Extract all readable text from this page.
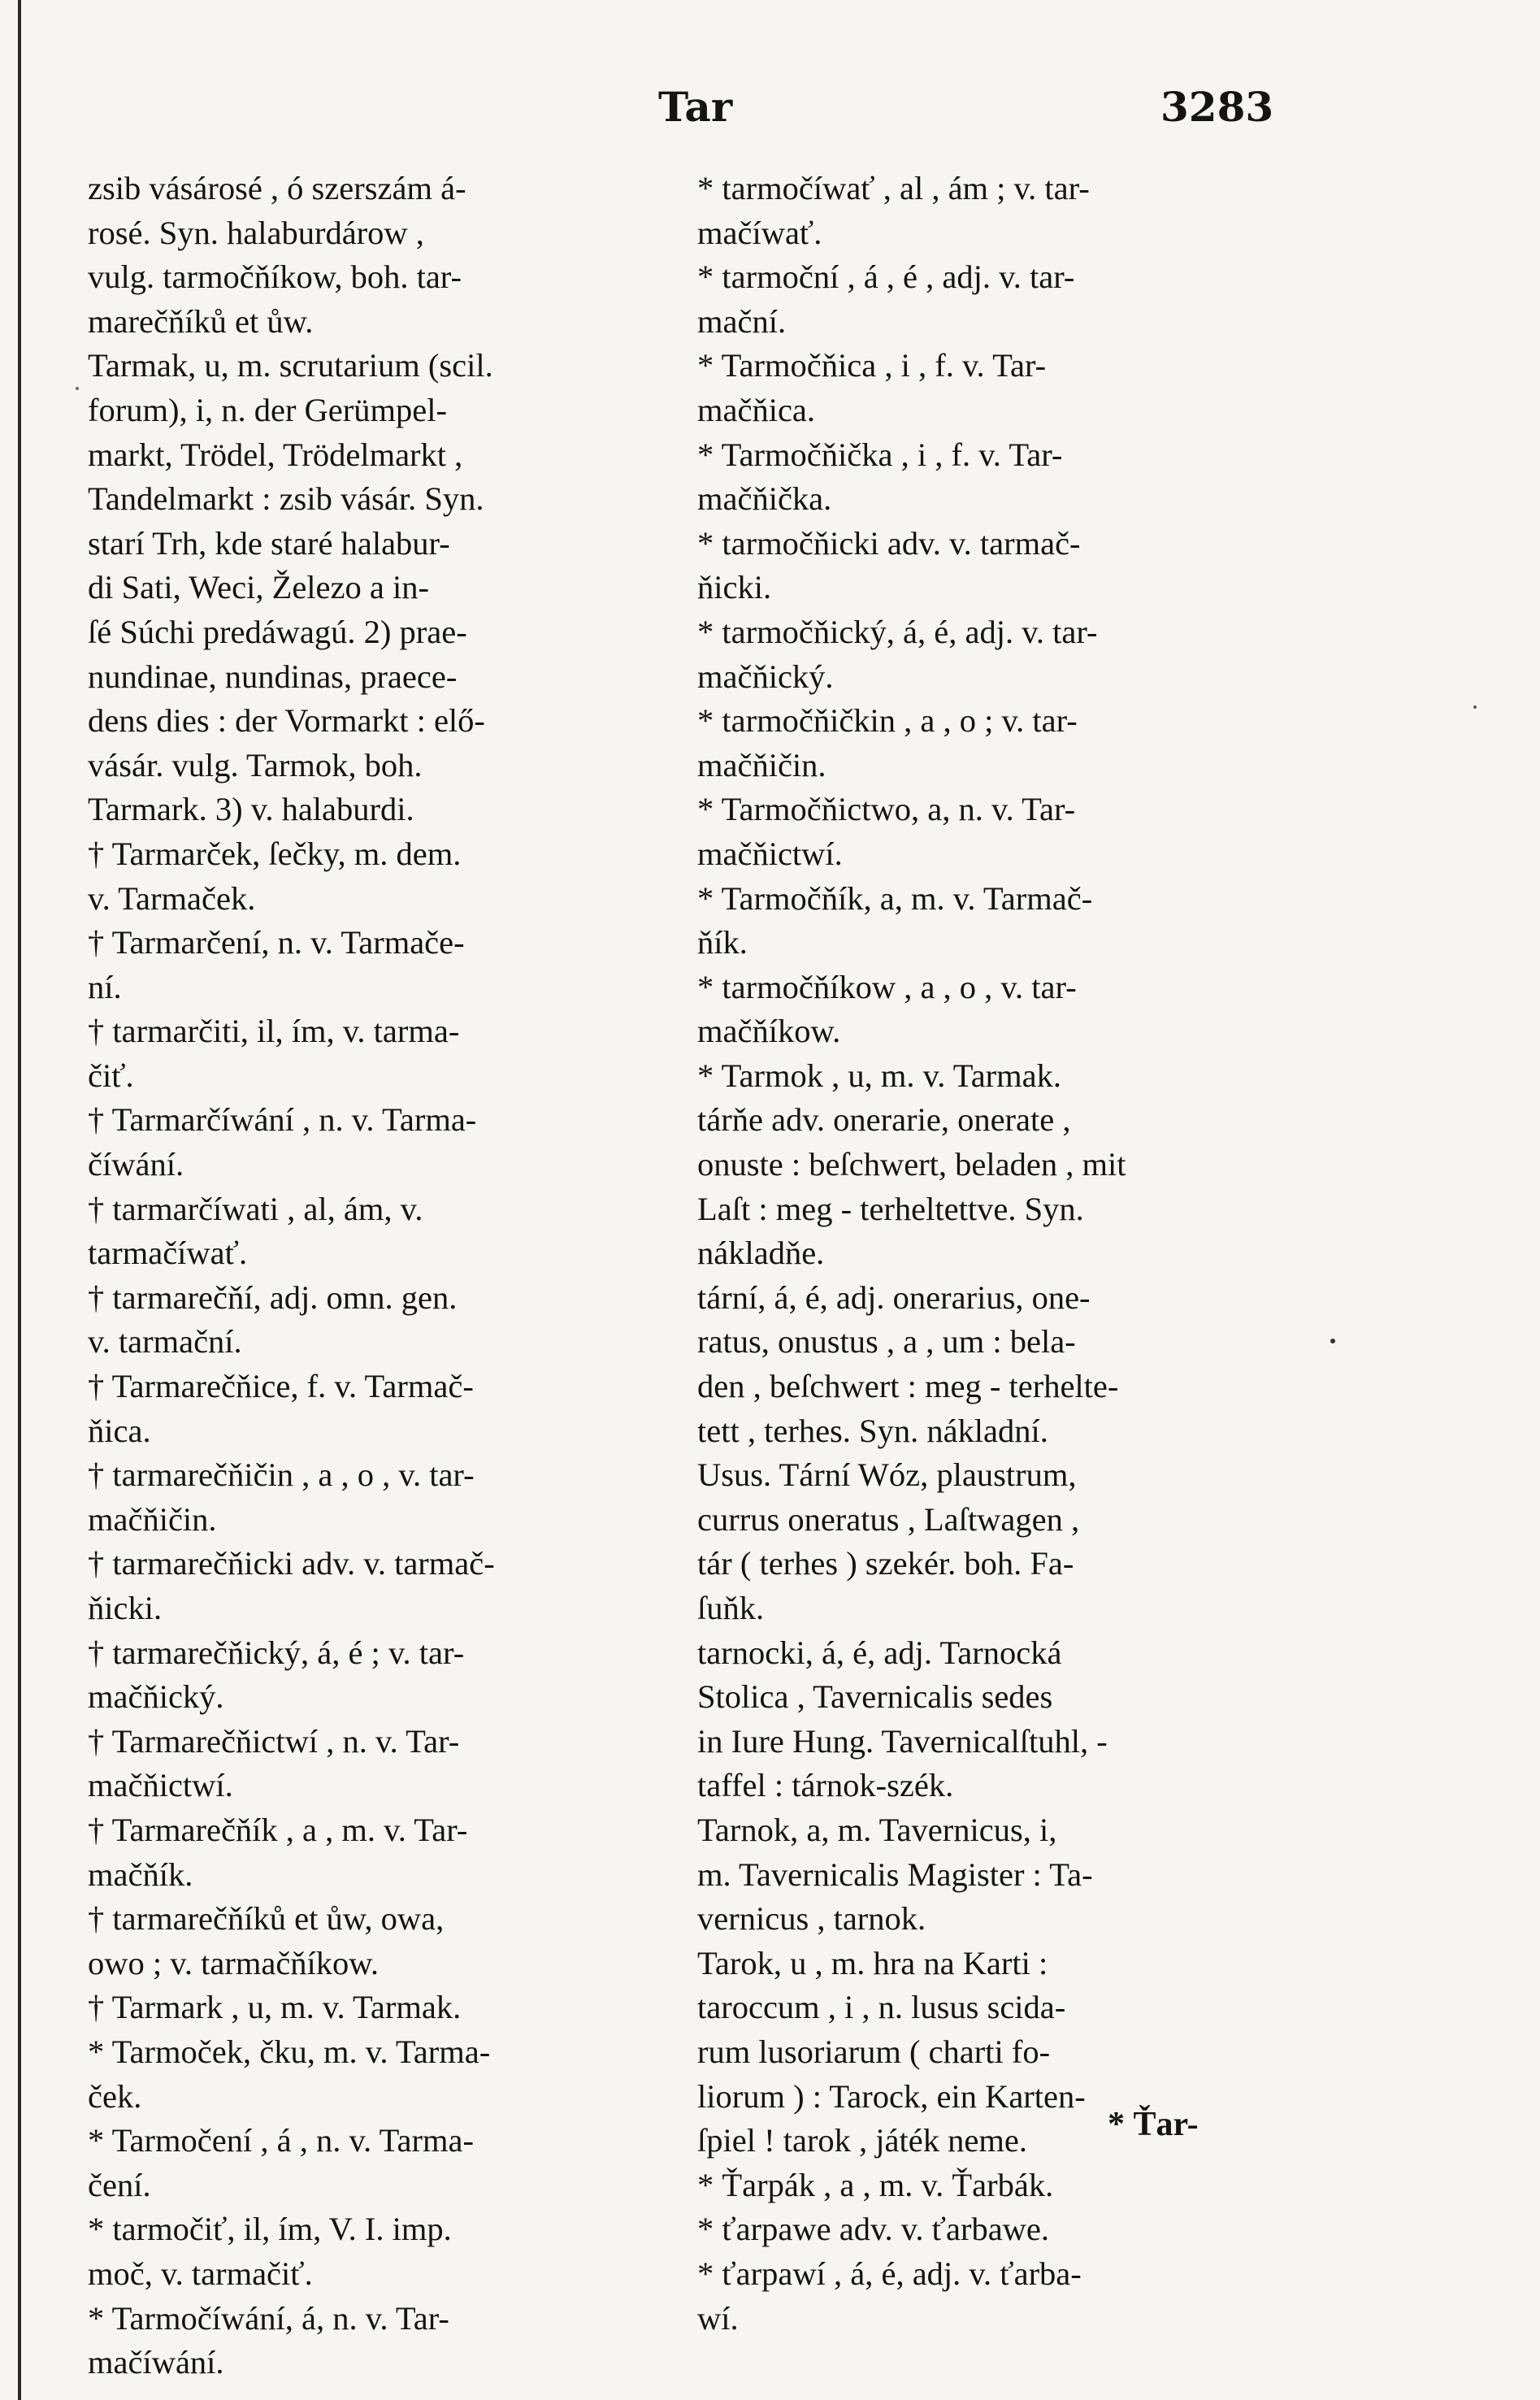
Tar	3283
zsib vásárosé , ó szerszám á-
rosé. Syn. halaburdárow ,
vulg. tarmočňíkow, boh. tar-
marečňíků et ůw.
Tarmak, u, m. scrutarium (scil.
forum), i, n. der Gerümpel-
markt, Trödel, Trödelmarkt ,
Tandelmarkt : zsib vásár. Syn.
starí Trh, kde staré halabur-
di Sati, Weci, Železo a in-
ſé Súchi predáwagú. 2) prae-
nundinae, nundinas, praece-
dens dies : der Vormarkt : elő-
vásár. vulg. Tarmok, boh.
Tarmark. 3) v. halaburdi.
† Tarmarček, ſečky, m. dem.
v. Tarmaček.
† Tarmarčení, n. v. Tarmače-
ní.
† tarmarčiti, il, ím, v. tarma-
čiť.
† Tarmarčíwání , n. v. Tarma-
číwání.
† tarmarčíwati , al, ám, v.
tarmačíwať.
† tarmarečňí, adj. omn. gen.
v. tarmační.
† Tarmarečňice, f. v. Tarmač-
ňica.
† tarmarečňičin , a , o , v. tar-
mačňičin.
† tarmarečňicki adv. v. tarmač-
ňicki.
† tarmarečňický, á, é ; v. tar-
mačňický.
† Tarmarečňictwí , n. v. Tar-
mačňictwí.
† Tarmarečňík , a , m. v. Tar-
mačňík.
† tarmarečňíků et ůw, owa,
owo ; v. tarmačňíkow.
† Tarmark , u, m. v. Tarmak.
* Tarmoček, čku, m. v. Tarma-
ček.
* Tarmočení , á , n. v. Tarma-
čení.
* tarmočiť, il, ím, V. I. imp.
moč, v. tarmačiť.
* Tarmočíwání, á, n. v. Tar-
mačíwání.
* tarmočíwať , al , ám ; v. tar-
mačíwať.
* tarmoční , á , é , adj. v. tar-
mační.
* Tarmočňica , i , f. v. Tar-
mačňica.
* Tarmočňička , i , f. v. Tar-
mačňička.
* tarmočňicki adv. v. tarmač-
ňicki.
* tarmočňický, á, é, adj. v. tar-
mačňický.
* tarmočňičkin , a , o ; v. tar-
mačňičin.
* Tarmočňictwo, a, n. v. Tar-
mačňictwí.
* Tarmočňík, a, m. v. Tarmač-
ňík.
* tarmočňíkow , a , o , v. tar-
mačňíkow.
* Tarmok , u, m. v. Tarmak.
tárňe adv. onerarie, onerate ,
onuste : beſchwert, beladen , mit
Laſt : meg - terheltettve. Syn.
nákladňe.
tární, á, é, adj. onerarius, one-
ratus, onustus , a , um : bela-
den , beſchwert : meg - terhelte-
tett , terhes. Syn. nákladní.
Usus. Tární Wóz, plaustrum,
currus oneratus , Laſtwagen ,
tár ( terhes ) szekér. boh. Fa-
ſuňk.
tarnocki, á, é, adj. Tarnocká
Stolica , Tavernicalis sedes
in Iure Hung. Tavernicalſtuhl, -
taffel : tárnok-szék.
Tarnok, a, m. Tavernicus, i,
m. Tavernicalis Magister : Ta-
vernicus , tarnok.
Tarok, u , m. hra na Karti :
taroccum , i , n. lusus scida-
rum lusoriarum ( charti fo-
liorum ) : Tarock, ein Karten-
ſpiel ! tarok , játék neme.
* Ťarpák , a , m. v. Ťarbák.
* ťarpawe adv. v. ťarbawe.
* ťarpawí , á, é, adj. v. ťarba-
wí.
* Ťar-
